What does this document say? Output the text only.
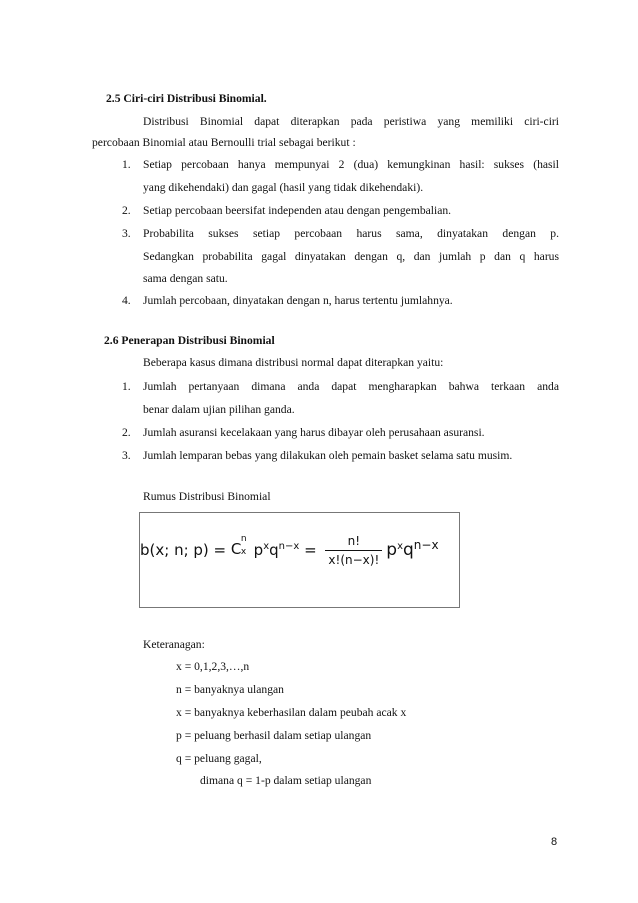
2.5 Ciri-ciri Distribusi Binomial.
Distribusi Binomial dapat diterapkan pada peristiwa yang memiliki ciri-ciri
percobaan Binomial atau Bernoulli trial sebagai berikut :
1. Setiap percobaan hanya mempunyai 2 (dua) kemungkinan hasil: sukses (hasil
yang dikehendaki) dan gagal (hasil yang tidak dikehendaki).
2. Setiap percobaan beersifat independen atau dengan pengembalian.
3. Probabilita sukses setiap percobaan harus sama, dinyatakan dengan p.
Sedangkan probabilita gagal dinyatakan dengan q, dan jumlah p dan q harus
sama dengan satu.
4. Jumlah percobaan, dinyatakan dengan n, harus tertentu jumlahnya.
2.6 Penerapan Distribusi Binomial
Beberapa kasus dimana distribusi normal dapat diterapkan yaitu:
1. Jumlah pertanyaan dimana anda dapat mengharapkan bahwa terkaan anda
benar dalam ujian pilihan ganda.
2. Jumlah asuransi kecelakaan yang harus dibayar oleh perusahaan asuransi.
3. Jumlah lemparan bebas yang dilakukan oleh pemain basket selama satu musim.
Rumus Distribusi Binomial
b(x; n; p) = C
n
x $p^xq^{n-x} = \frac{n!}{x!(n-x)!} p^xq^{n-x}$
Keteranagan:
x = 0,1,2,3,…,n
n = banyaknya ulangan
x = banyaknya keberhasilan dalam peubah acak x
p = peluang berhasil dalam setiap ulangan
q = peluang gagal,
dimana q = 1-p dalam setiap ulangan
8
